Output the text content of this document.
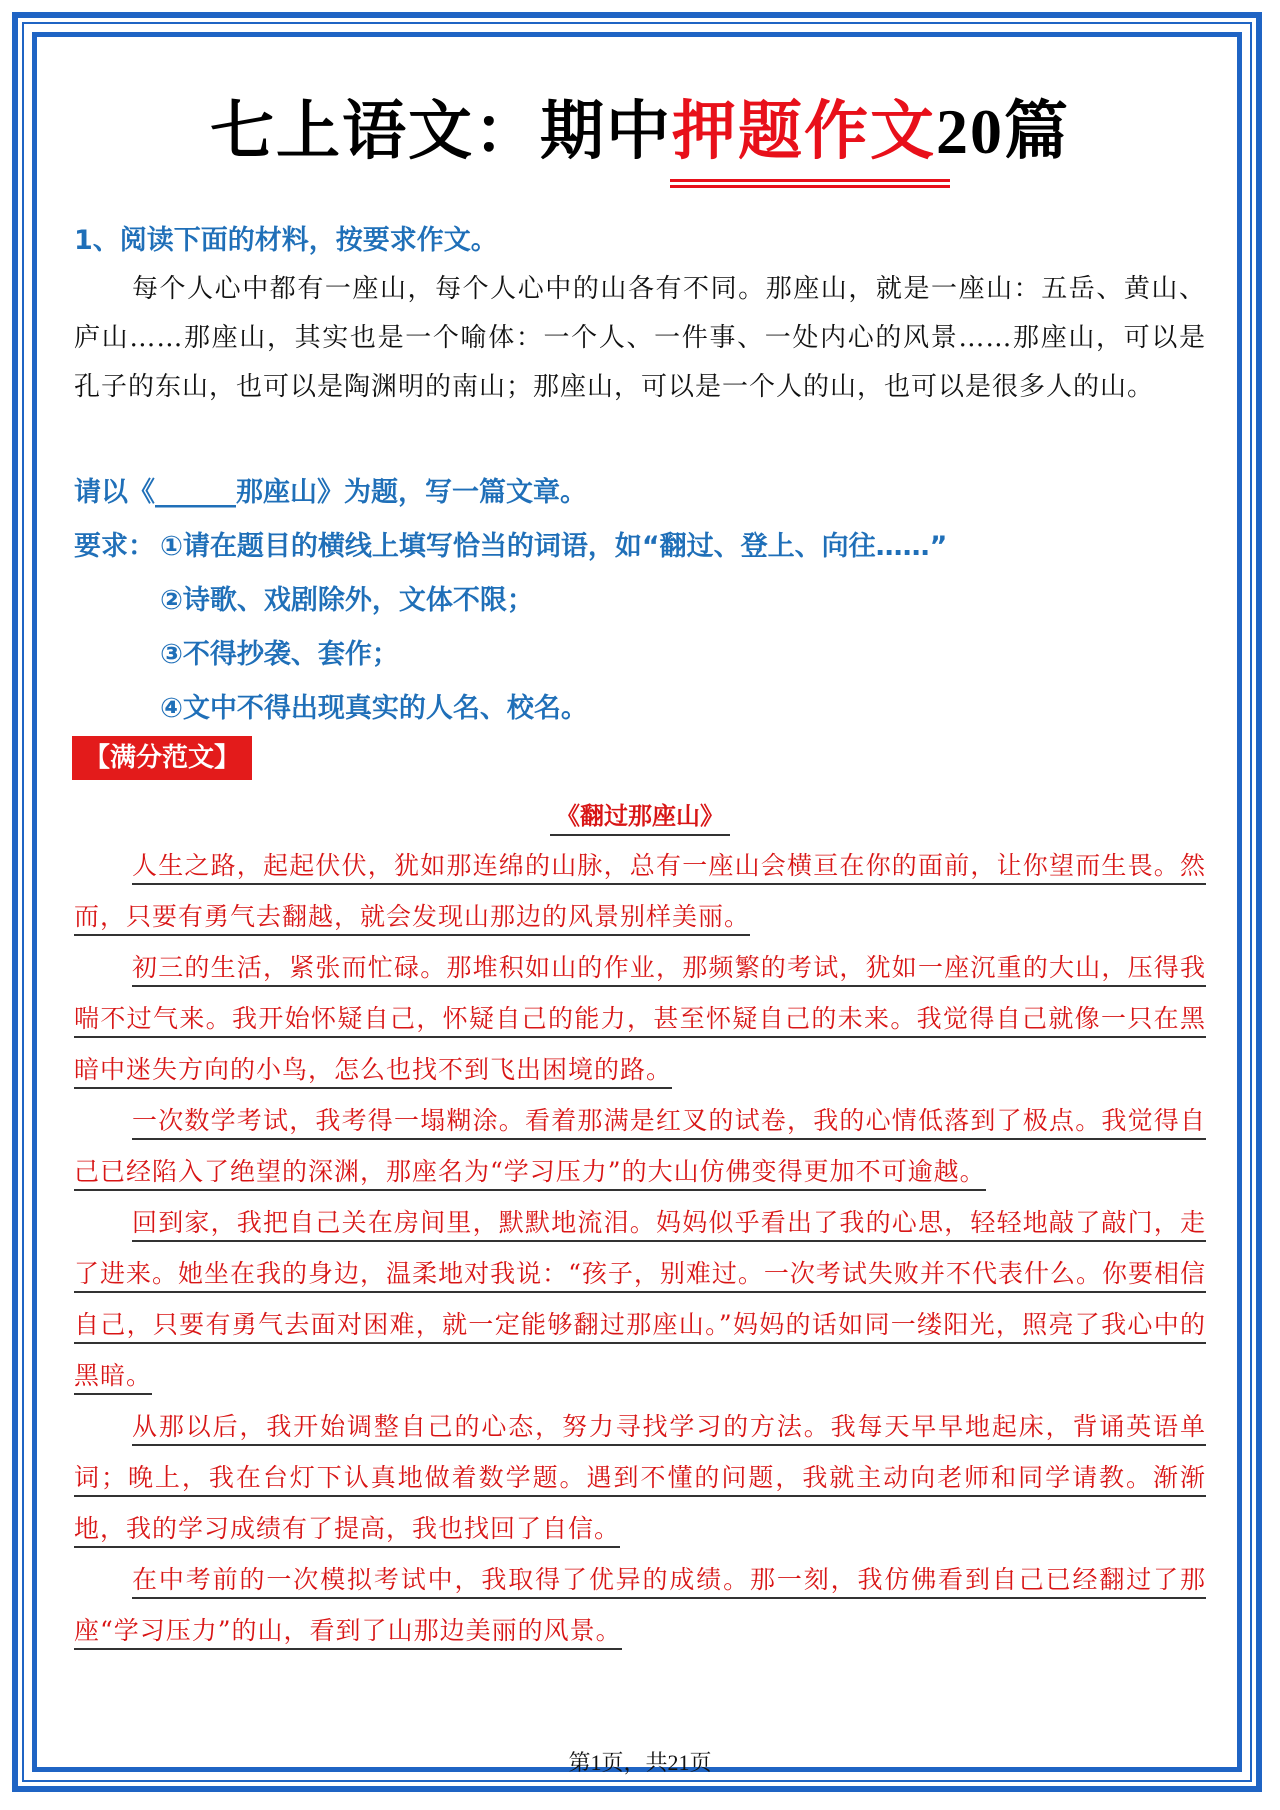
七上语文：期中押题作文20篇
1、阅读下面的材料，按要求作文。
每个人心中都有一座山，每个人心中的山各有不同。那座山，就是一座山：五岳、黄山、庐山……那座山，其实也是一个喻体：一个人、一件事、一处内心的风景……那座山，可以是孔子的东山，也可以是陶渊明的南山；那座山，可以是一个人的山，也可以是很多人的山。
请以《______那座山》为题，写一篇文章。
要求： ①请在题目的横线上填写恰当的词语，如“翻过、登上、向往……”
②诗歌、戏剧除外，文体不限；
③不得抄袭、套作；
④文中不得出现真实的人名、校名。
【满分范文】
《翻过那座山》

人生之路，起起伏伏，犹如那连绵的山脉，总有一座山会横亘在你的面前，让你望而生畏。然而，只要有勇气去翻越，就会发现山那边的风景别样美丽。

初三的生活，紧张而忙碌。那堆积如山的作业，那频繁的考试，犹如一座沉重的大山，压得我喘不过气来。我开始怀疑自己，怀疑自己的能力，甚至怀疑自己的未来。我觉得自己就像一只在黑暗中迷失方向的小鸟，怎么也找不到飞出困境的路。

一次数学考试，我考得一塌糊涂。看着那满是红叉的试卷，我的心情低落到了极点。我觉得自己已经陷入了绝望的深渊，那座名为“学习压力”的大山仿佛变得更加不可逾越。

回到家，我把自己关在房间里，默默地流泪。妈妈似乎看出了我的心思，轻轻地敲了敲门，走了进来。她坐在我的身边，温柔地对我说：“孩子，别难过。一次考试失败并不代表什么。你要相信自己，只要有勇气去面对困难，就一定能够翻过那座山。”妈妈的话如同一缕阳光，照亮了我心中的黑暗。

从那以后，我开始调整自己的心态，努力寻找学习的方法。我每天早早地起床，背诵英语单词；晚上，我在台灯下认真地做着数学题。遇到不懂的问题，我就主动向老师和同学请教。渐渐地，我的学习成绩有了提高，我也找回了自信。

在中考前的一次模拟考试中，我取得了优异的成绩。那一刻，我仿佛看到自己已经翻过了那座“学习压力”的山，看到了山那边美丽的风景。

第1页，共21页
